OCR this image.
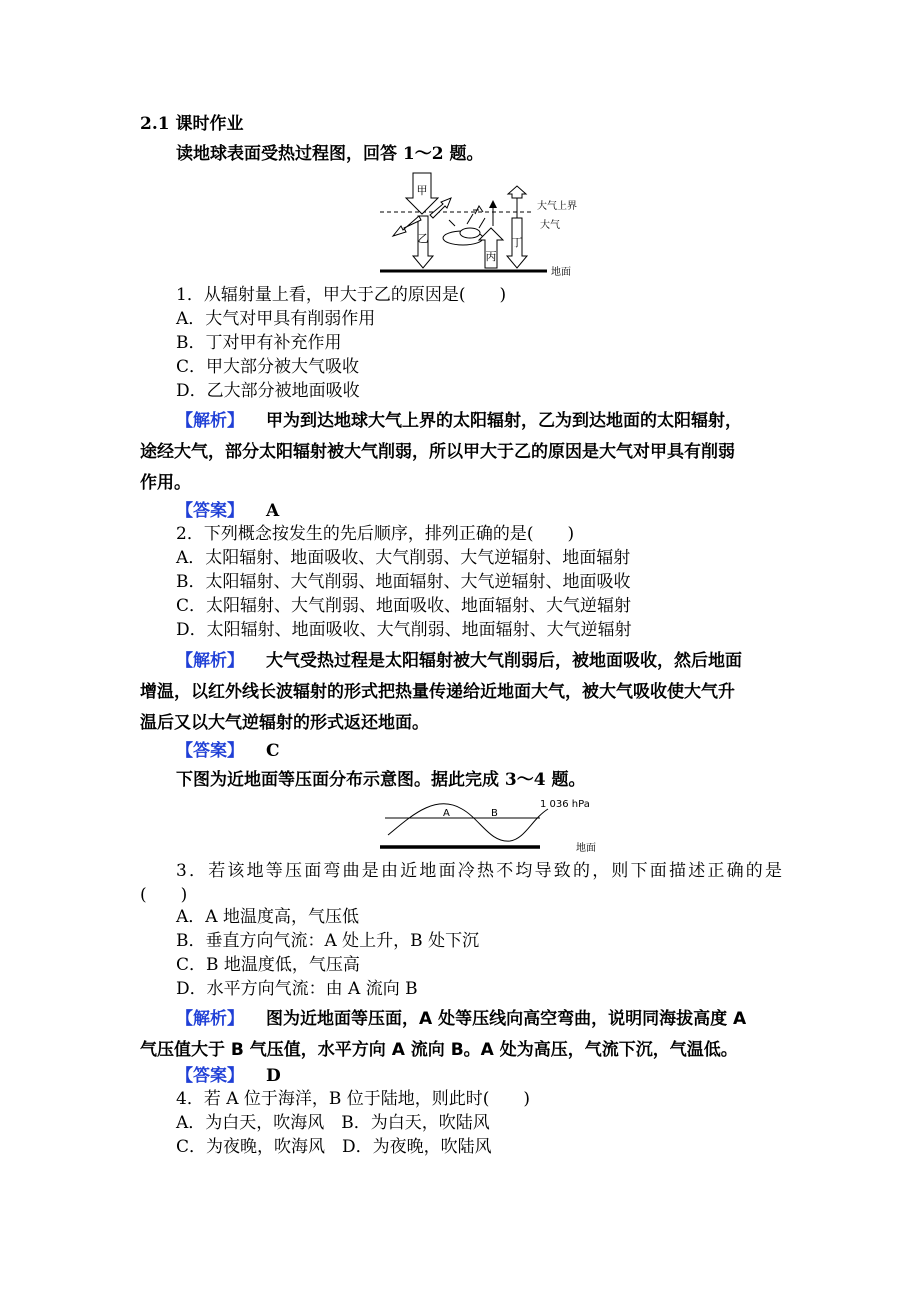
2.1 课时作业
读地球表面受热过程图，回答 1～2 题。
甲
乙
丙
丁
大气上界
大气
地面
1．从辐射量上看，甲大于乙的原因是(　　)
A．大气对甲具有削弱作用
B．丁对甲有补充作用
C．甲大部分被大气吸收
D．乙大部分被地面吸收
【解析】 甲为到达地球大气上界的太阳辐射，乙为到达地面的太阳辐射，
途经大气，部分太阳辐射被大气削弱，所以甲大于乙的原因是大气对甲具有削弱
作用。
【答案】 A
2．下列概念按发生的先后顺序，排列正确的是(　　)
A．太阳辐射、地面吸收、大气削弱、大气逆辐射、地面辐射
B．太阳辐射、大气削弱、地面辐射、大气逆辐射、地面吸收
C．太阳辐射、大气削弱、地面吸收、地面辐射、大气逆辐射
D．太阳辐射、地面吸收、大气削弱、地面辐射、大气逆辐射
【解析】 大气受热过程是太阳辐射被大气削弱后，被地面吸收，然后地面
增温，以红外线长波辐射的形式把热量传递给近地面大气，被大气吸收使大气升
温后又以大气逆辐射的形式返还地面。
【答案】 C
下图为近地面等压面分布示意图。据此完成 3～4 题。
A	B
1 036 hPa
地面
3．若该地等压面弯曲是由近地面冷热不均导致的，则下面描述正确的是
(　　)
A．A 地温度高，气压低
B．垂直方向气流：A 处上升，B 处下沉
C．B 地温度低，气压高
D．水平方向气流：由 A 流向 B
【解析】 图为近地面等压面，A 处等压线向高空弯曲，说明同海拔高度 A
气压值大于 B 气压值，水平方向 A 流向 B。A 处为高压，气流下沉，气温低。
【答案】 D
4．若 A 位于海洋，B 位于陆地，则此时(　　)
A．为白天，吹海风　B．为白天，吹陆风
C．为夜晚，吹海风　D．为夜晚，吹陆风
